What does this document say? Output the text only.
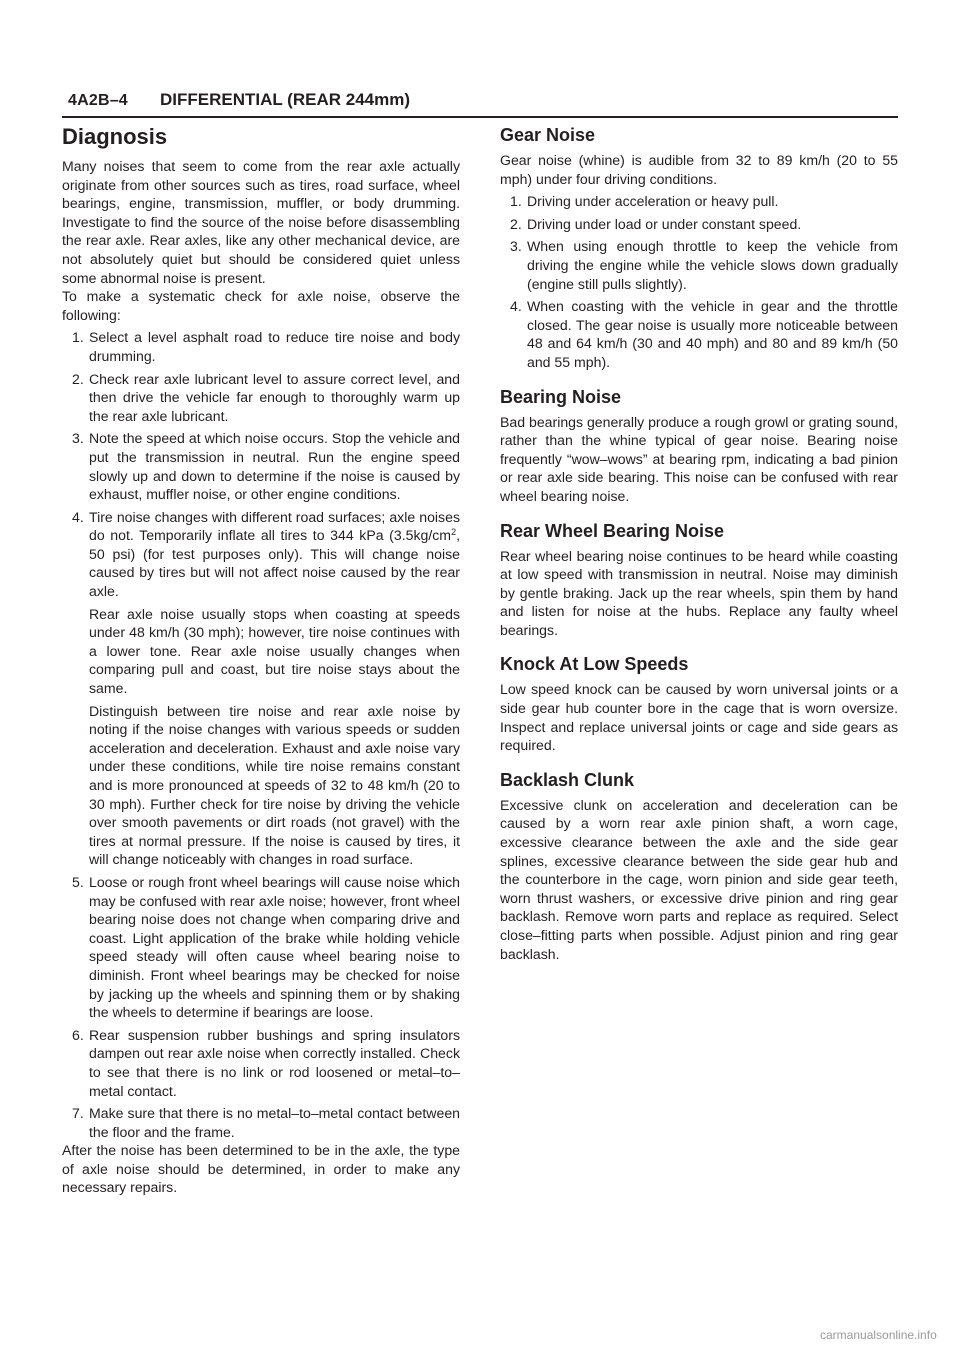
4A2B–4 DIFFERENTIAL (REAR 244mm)
Diagnosis

Many noises that seem to come from the rear axle actually originate from other sources such as tires, road surface, wheel bearings, engine, transmission, muffler, or body drumming. Investigate to find the source of the noise before disassembling the rear axle. Rear axles, like any other mechanical device, are not absolutely quiet but should be considered quiet unless some abnormal noise is present.

To make a systematic check for axle noise, observe the following:

1. Select a level asphalt road to reduce tire noise and body drumming.
2. Check rear axle lubricant level to assure correct level, and then drive the vehicle far enough to thoroughly warm up the rear axle lubricant.
3. Note the speed at which noise occurs. Stop the vehicle and put the transmission in neutral. Run the engine speed slowly up and down to determine if the noise is caused by exhaust, muffler noise, or other engine conditions.
4. Tire noise changes with different road surfaces; axle noises do not. Temporarily inflate all tires to 344 kPa ($3.5kg/cm^2$, 50 psi) (for test purposes only). This will change noise caused by tires but will not affect noise caused by the rear axle.

Rear axle noise usually stops when coasting at speeds under 48 km/h (30 mph); however, tire noise continues with a lower tone. Rear axle noise usually changes when comparing pull and coast, but tire noise stays about the same.

Distinguish between tire noise and rear axle noise by noting if the noise changes with various speeds or sudden acceleration and deceleration. Exhaust and axle noise vary under these conditions, while tire noise remains constant and is more pronounced at speeds of 32 to 48 km/h (20 to 30 mph). Further check for tire noise by driving the vehicle over smooth pavements or dirt roads (not gravel) with the tires at normal pressure. If the noise is caused by tires, it will change noticeably with changes in road surface.

5. Loose or rough front wheel bearings will cause noise which may be confused with rear axle noise; however, front wheel bearing noise does not change when comparing drive and coast. Light application of the brake while holding vehicle speed steady will often cause wheel bearing noise to diminish. Front wheel bearings may be checked for noise by jacking up the wheels and spinning them or by shaking the wheels to determine if bearings are loose.
6. Rear suspension rubber bushings and spring insulators dampen out rear axle noise when correctly installed. Check to see that there is no link or rod loosened or metal–to–metal contact.
7. Make sure that there is no metal–to–metal contact between the floor and the frame.

After the noise has been determined to be in the axle, the type of axle noise should be determined, in order to make any necessary repairs.

Gear Noise

Gear noise (whine) is audible from 32 to 89 km/h (20 to 55 mph) under four driving conditions.

1. Driving under acceleration or heavy pull.
2. Driving under load or under constant speed.
3. When using enough throttle to keep the vehicle from driving the engine while the vehicle slows down gradually (engine still pulls slightly).
4. When coasting with the vehicle in gear and the throttle closed. The gear noise is usually more noticeable between 48 and 64 km/h (30 and 40 mph) and 80 and 89 km/h (50 and 55 mph).
Bearing Noise

Bad bearings generally produce a rough growl or grating sound, rather than the whine typical of gear noise. Bearing noise frequently “wow–wows” at bearing rpm, indicating a bad pinion or rear axle side bearing. This noise can be confused with rear wheel bearing noise.

Rear Wheel Bearing Noise

Rear wheel bearing noise continues to be heard while coasting at low speed with transmission in neutral. Noise may diminish by gentle braking. Jack up the rear wheels, spin them by hand and listen for noise at the hubs. Replace any faulty wheel bearings.

Knock At Low Speeds

Low speed knock can be caused by worn universal joints or a side gear hub counter bore in the cage that is worn oversize. Inspect and replace universal joints or cage and side gears as required.

Backlash Clunk

Excessive clunk on acceleration and deceleration can be caused by a worn rear axle pinion shaft, a worn cage, excessive clearance between the axle and the side gear splines, excessive clearance between the side gear hub and the counterbore in the cage, worn pinion and side gear teeth, worn thrust washers, or excessive drive pinion and ring gear backlash. Remove worn parts and replace as required. Select close–fitting parts when possible. Adjust pinion and ring gear backlash.

carmanualsonline.info
